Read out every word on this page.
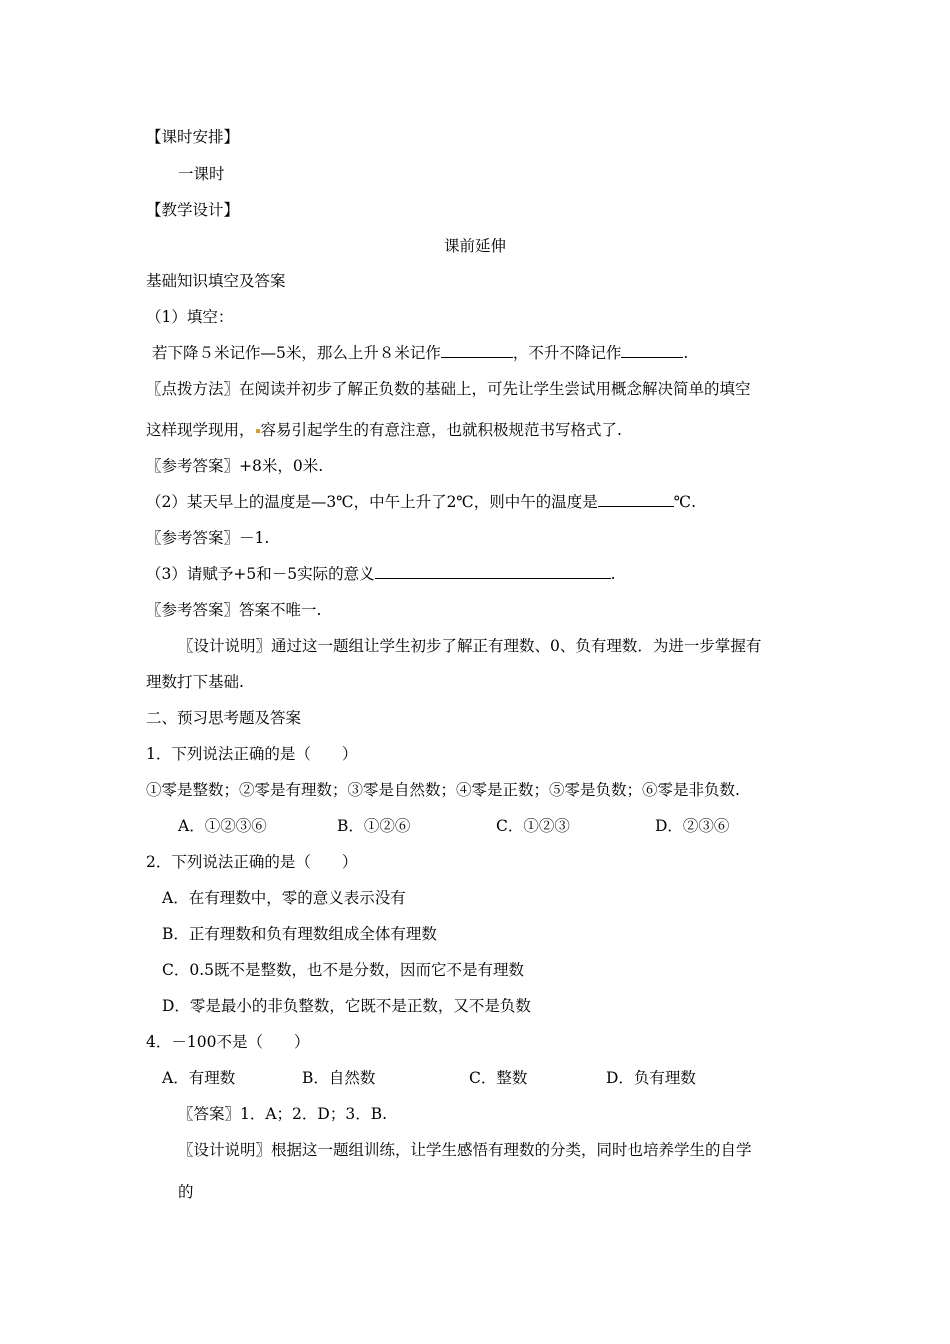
【课时安排】
一课时
【教学设计】
课前延伸
基础知识填空及答案
（1）填空：
若下降５米记作—5米，那么上升８米记作	，不升不降记作	.
〖点拨方法〗在阅读并初步了解正负数的基础上，可先让学生尝试用概念解决简单的填空
这样现学现用， 容易引起学生的有意注意，也就积极规范书写格式了.
〖参考答案〗+8米，0米.
（2）某天早上的温度是—3℃，中午上升了2℃，则中午的温度是	℃.
〖参考答案〗－1.
（3）请赋予+5和－5实际的意义	.
〖参考答案〗答案不唯一.
〖设计说明〗通过这一题组让学生初步了解正有理数、0、负有理数．为进一步掌握有
理数打下基础.
二、预习思考题及答案
1．下列说法正确的是（　　）
①零是整数；②零是有理数；③零是自然数；④零是正数；⑤零是负数；⑥零是非负数.
A．①②③⑥	B．①②⑥	C．①②③	D．②③⑥
2．下列说法正确的是（　　）
A．在有理数中，零的意义表示没有
B．正有理数和负有理数组成全体有理数
C．0.5既不是整数，也不是分数，因而它不是有理数
D．零是最小的非负整数，它既不是正数，又不是负数
4．－100不是（　　）
A．有理数	B．自然数	C．整数	D．负有理数
〖答案〗1．A；2．D；3．B.
〖设计说明〗根据这一题组训练，让学生感悟有理数的分类，同时也培养学生的自学
的
